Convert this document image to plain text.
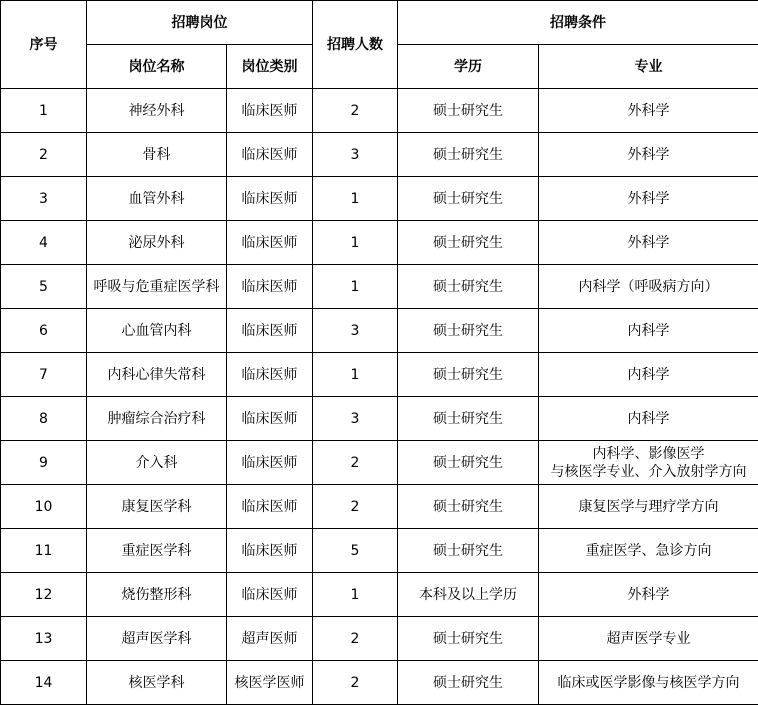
序号	招聘岗位		招聘人数	招聘条件	
	岗位名称	岗位类别		学历	专业
1	神经外科	临床医师	2	硕士研究生	外科学

2	骨科	临床医师	3	硕士研究生	外科学

3	血管外科	临床医师	1	硕士研究生	外科学

4	泌尿外科	临床医师	1	硕士研究生	外科学

5	呼吸与危重症医学科	临床医师	1	硕士研究生	内科学（呼吸病方向）

6	心血管内科	临床医师	3	硕士研究生	内科学

7	内科心律失常科	临床医师	1	硕士研究生	内科学

8	肿瘤综合治疗科	临床医师	3	硕士研究生	内科学

9	介入科	临床医师	2	硕士研究生	内科学、影像医学
与核医学专业、介入放射学方向

10	康复医学科	临床医师	2	硕士研究生	康复医学与理疗学方向

11	重症医学科	临床医师	5	硕士研究生	重症医学、急诊方向

12	烧伤整形科	临床医师	1	本科及以上学历	外科学

13	超声医学科	超声医师	2	硕士研究生	超声医学专业

14	核医学科	核医学医师	2	硕士研究生	临床或医学影像与核医学方向
